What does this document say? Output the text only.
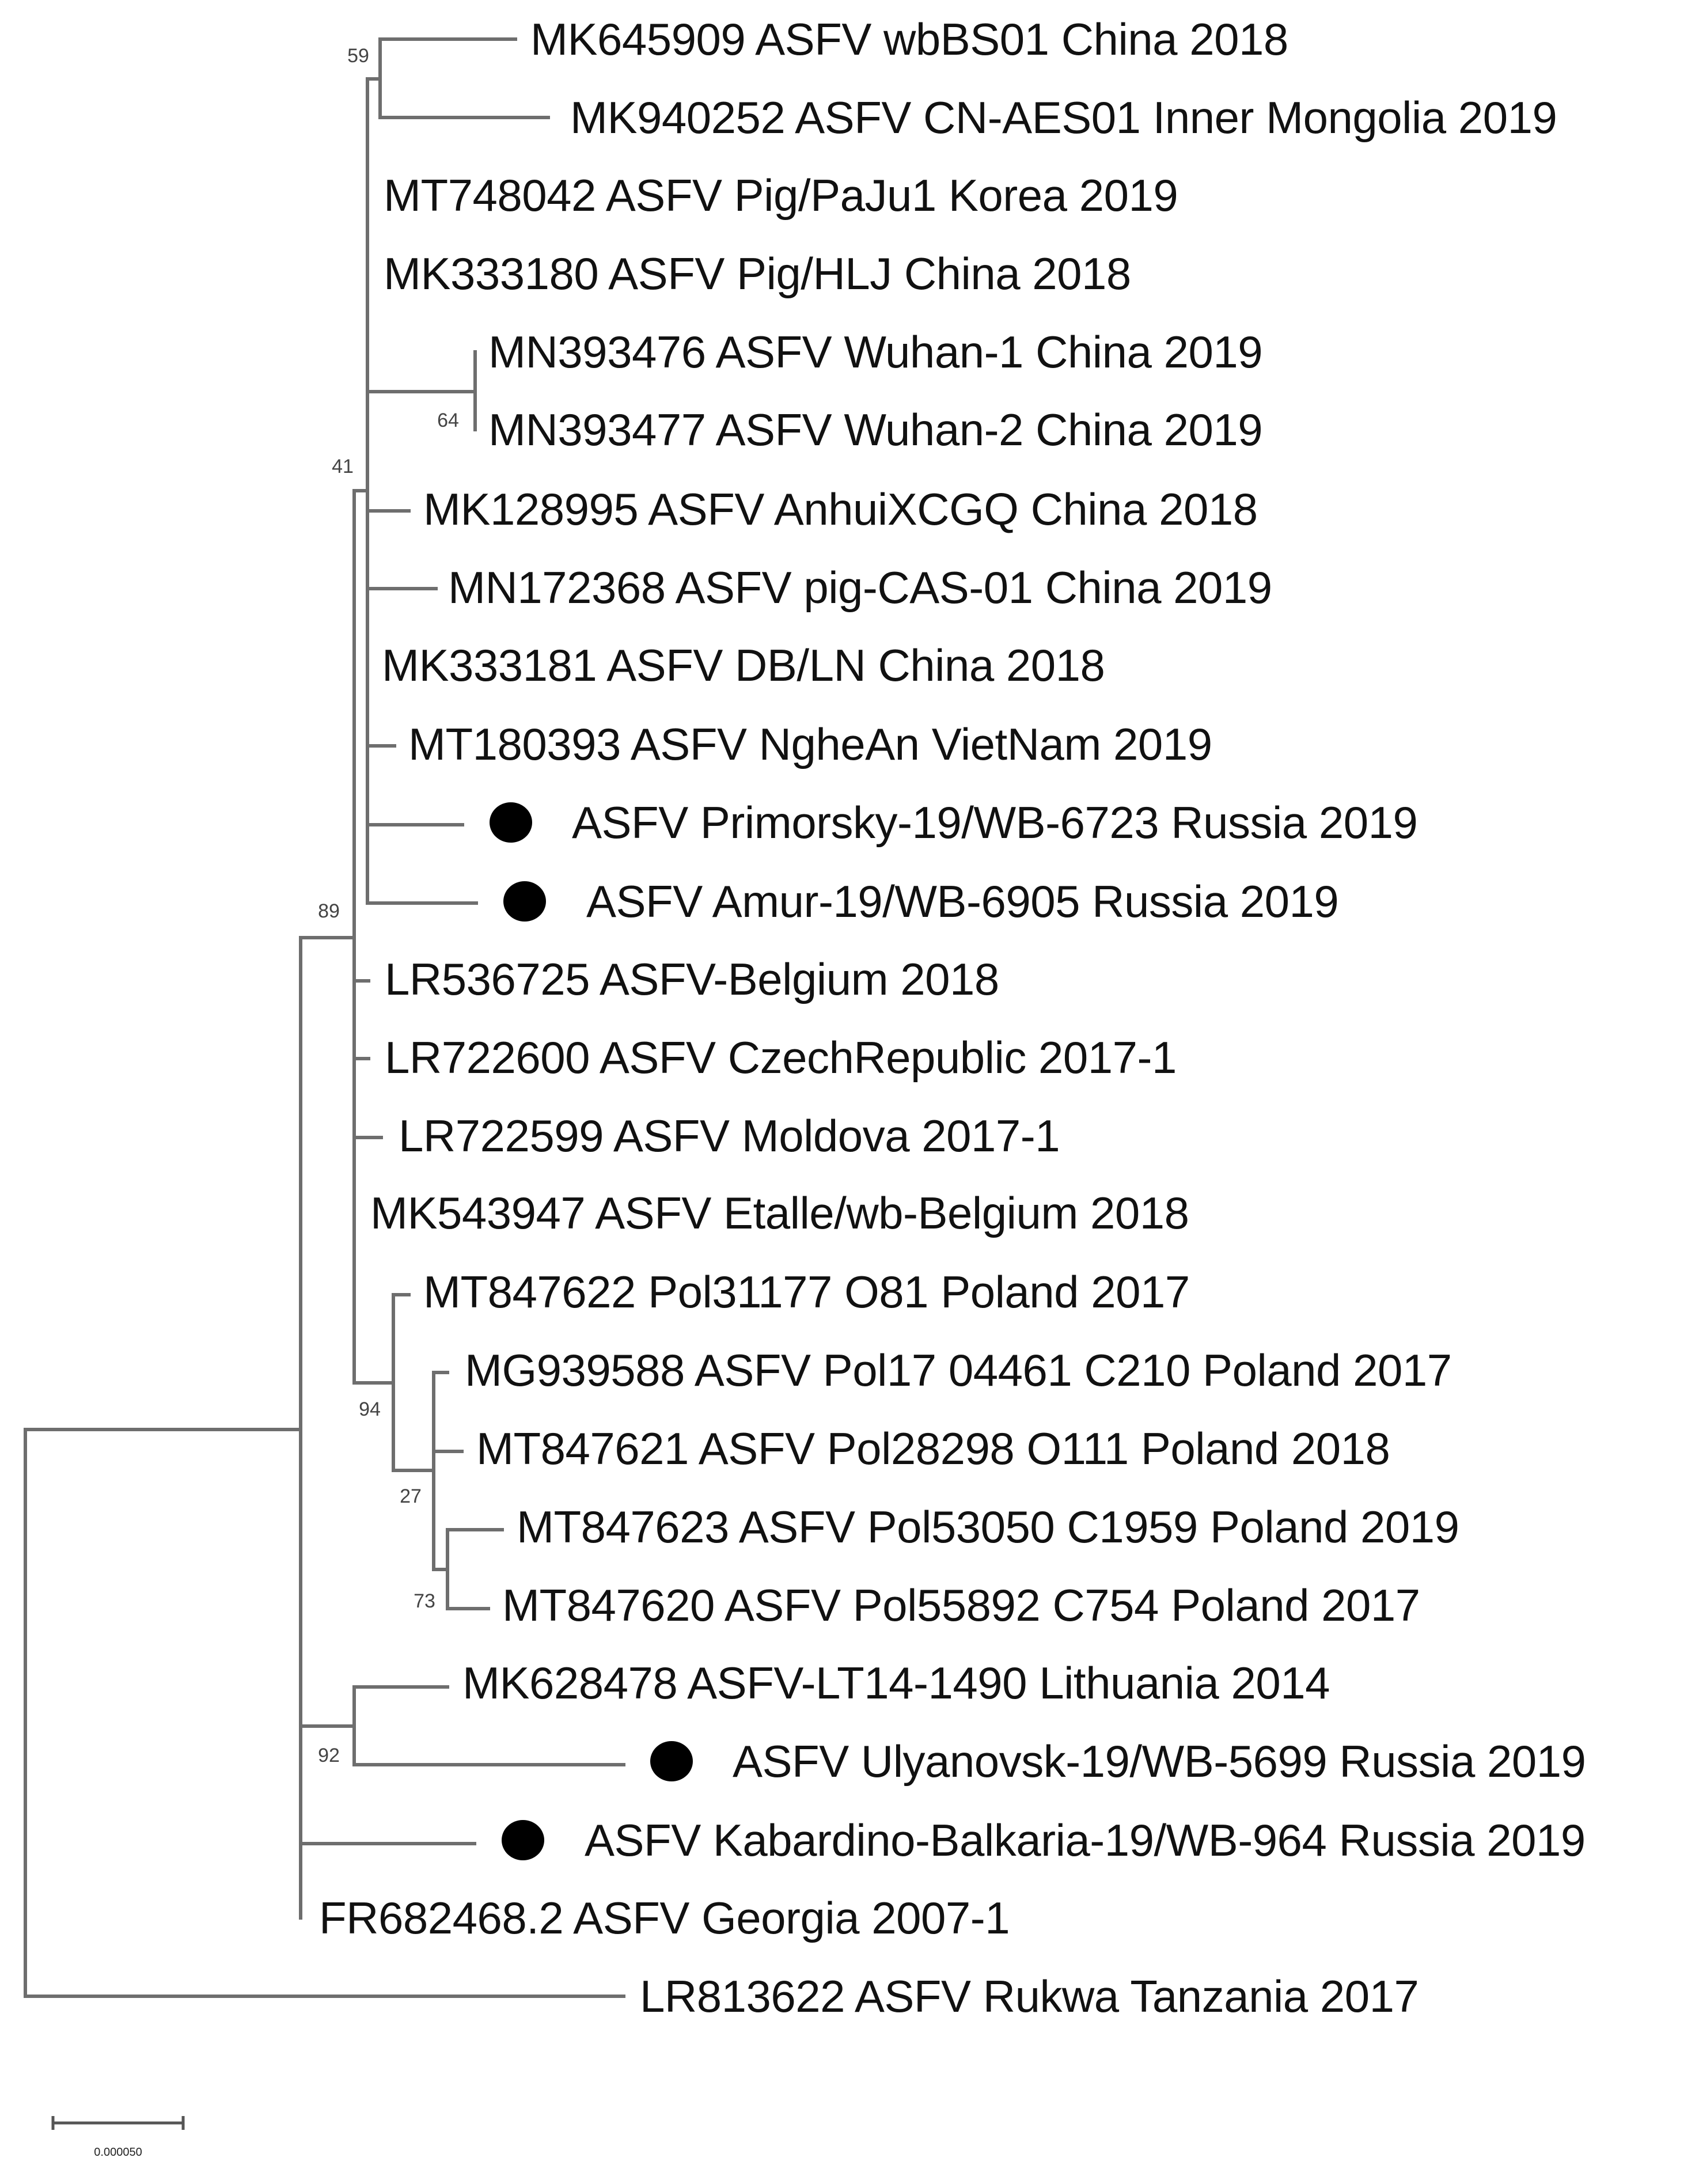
MK645909 ASFV wbBS01 China 2018
MK940252 ASFV CN-AES01 Inner Mongolia 2019
MT748042 ASFV Pig/PaJu1 Korea 2019
MK333180 ASFV Pig/HLJ China 2018
MN393476 ASFV Wuhan-1 China 2019
MN393477 ASFV Wuhan-2 China 2019
MK128995 ASFV AnhuiXCGQ China 2018
MN172368 ASFV pig-CAS-01 China 2019
MK333181 ASFV DB/LN China 2018
MT180393 ASFV NgheAn VietNam 2019
ASFV Primorsky-19/WB-6723 Russia 2019
ASFV Amur-19/WB-6905 Russia 2019
LR536725 ASFV-Belgium 2018
LR722600 ASFV CzechRepublic 2017-1
LR722599 ASFV Moldova 2017-1
MK543947 ASFV Etalle/wb-Belgium 2018
MT847622 Pol31177 O81 Poland 2017
MG939588 ASFV Pol17 04461 C210 Poland 2017
MT847621 ASFV Pol28298 O111 Poland 2018
MT847623 ASFV Pol53050 C1959 Poland 2019
MT847620 ASFV Pol55892 C754 Poland 2017
MK628478 ASFV-LT14-1490 Lithuania 2014
ASFV Ulyanovsk-19/WB-5699 Russia 2019
ASFV Kabardino-Balkaria-19/WB-964 Russia 2019
FR682468.2 ASFV Georgia 2007-1
LR813622 ASFV Rukwa Tanzania 2017
59
64
41
89
94
27
73
92
0.000050
